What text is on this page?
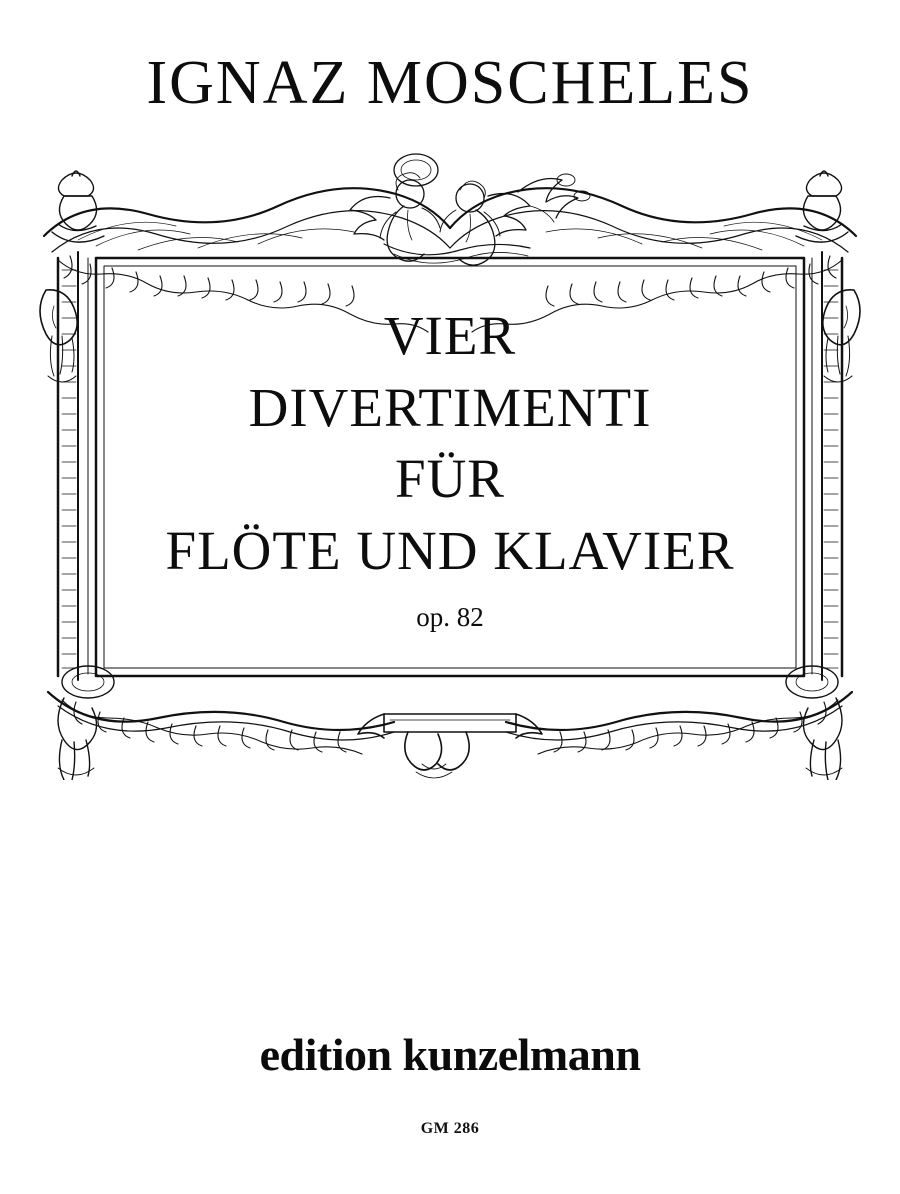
IGNAZ MOSCHELES
VIER
DIVERTIMENTI
FÜR
FLÖTE UND KLAVIER
op. 82
edition kunzelmann
GM 286
